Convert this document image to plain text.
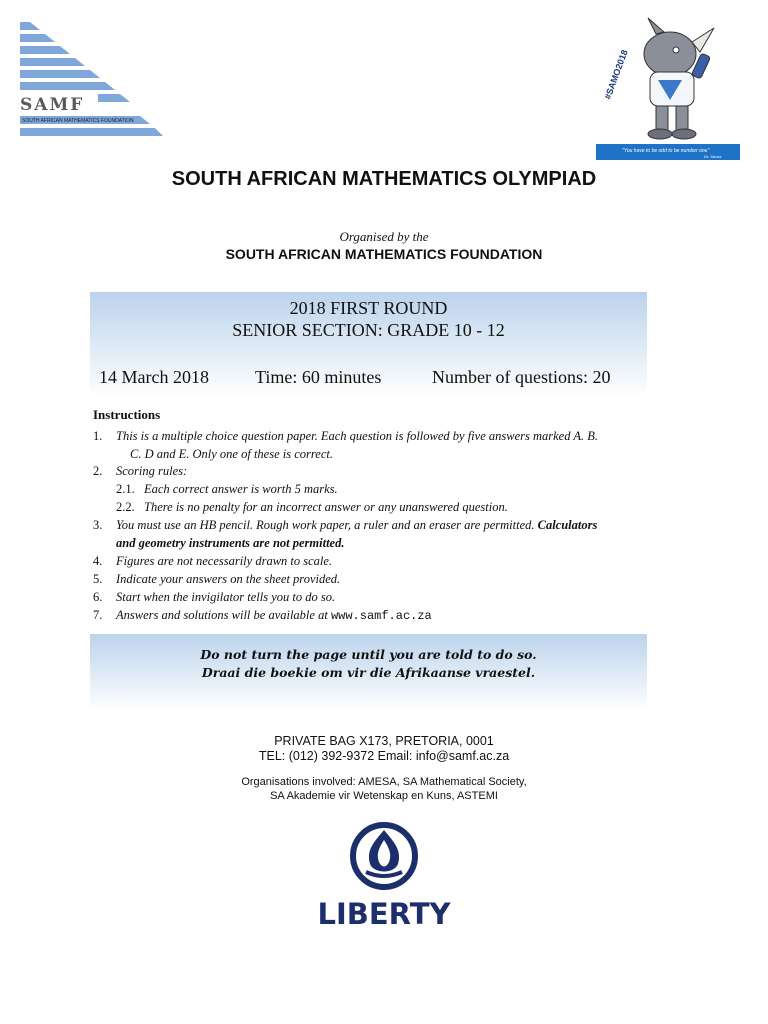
SAMF
SOUTH AFRICAN MATHEMATICS FOUNDATION
#SAMO2018
"You have to be odd to be number one"
Dr. Seuss
SOUTH AFRICAN MATHEMATICS OLYMPIAD
Organised by the
SOUTH AFRICAN MATHEMATICS FOUNDATION
2018 FIRST ROUND
SENIOR SECTION: GRADE 10 - 12
14 March 2018	Time: 60 minutes	Number of questions: 20
Instructions
1.	This is a multiple choice question paper. Each question is followed by five answers marked A. B.
C. D and E. Only one of these is correct.
2.	Scoring rules:
2.1. Each correct answer is worth 5 marks.
2.2. There is no penalty for an incorrect answer or any unanswered question.
3.	You must use an HB pencil. Rough work paper, a ruler and an eraser are permitted. Calculators
and geometry instruments are not permitted.
4.	Figures are not necessarily drawn to scale.
5.	Indicate your answers on the sheet provided.
6.	Start when the invigilator tells you to do so.
7.	Answers and solutions will be available at www.samf.ac.za
Do not turn the page until you are told to do so.
Draai die boekie om vir die Afrikaanse vraestel.
PRIVATE BAG X173, PRETORIA, 0001
TEL: (012) 392-9372 Email: info@samf.ac.za
Organisations involved: AMESA, SA Mathematical Society,
SA Akademie vir Wetenskap en Kuns, ASTEMI
LIBERTY
